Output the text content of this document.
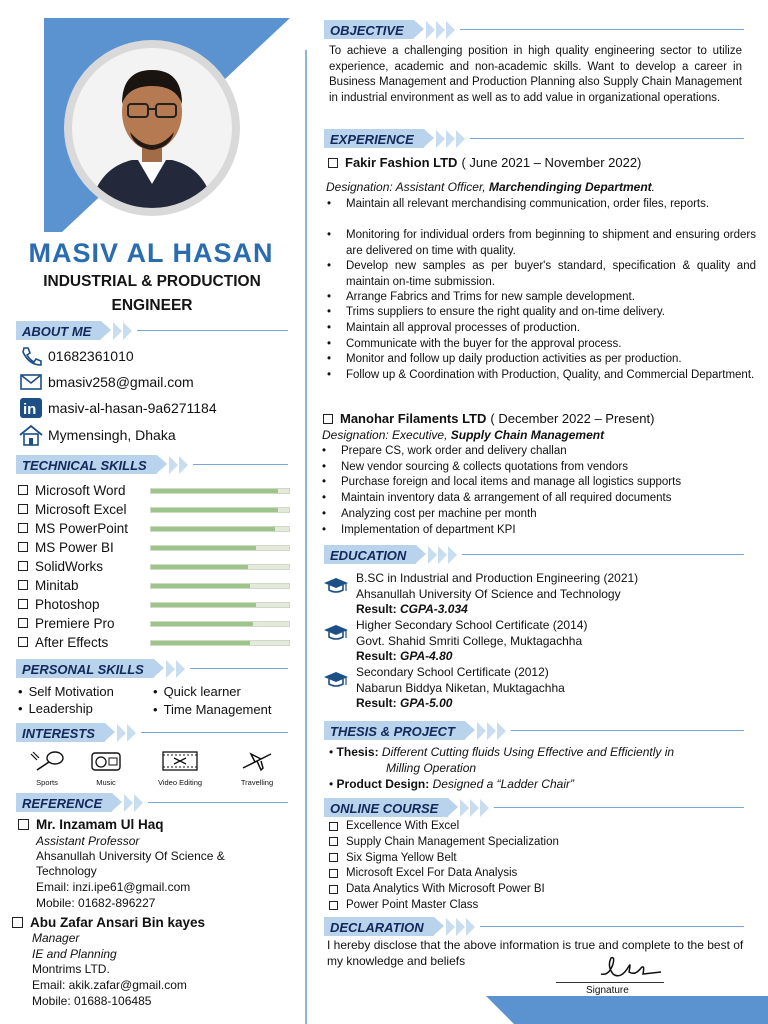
MASIV AL HASAN
INDUSTRIAL & PRODUCTION ENGINEER
ABOUT ME
01682361010
bmasiv258@gmail.com
in masiv-al-hasan-9a6271184
Mymensingh, Dhaka
TECHNICAL SKILLS
Microsoft Word
Microsoft Excel
MS PowerPoint
MS Power BI
SolidWorks
Minitab
Photoshop
Premiere Pro
After Effects
PERSONAL SKILLS
• Self Motivation	• Quick learner
• Leadership	• Time Management
INTERESTS
Sports	Music	Video Editing	Travelling
REFERENCE
Mr. Inzamam Ul Haq
Assistant Professor
Ahsanullah University Of Science &
Technology
Email: inzi.ipe61@gmail.com
Mobile: 01682-896227
Abu Zafar Ansari Bin kayes
Manager
IE and Planning
Montrims LTD.
Email: akik.zafar@gmail.com
Mobile: 01688-106485
OBJECTIVE
To achieve a challenging position in high quality engineering sector to utilize experience, academic and non-academic skills. Want to develop a career in Business Management and Production Planning also Supply Chain Management in industrial environment as well as to add value in organizational operations.
EXPERIENCE
Fakir Fashion LTD ( June 2021 – November 2022)
Designation: Assistant Officer, Marchendinging Department.
• Maintain all relevant merchandising communication, order files, reports.
• Monitoring for individual orders from beginning to shipment and ensuring orders are delivered on time with quality.
• Develop new samples as per buyer's standard, specification & quality and maintain on-time submission.
• Arrange Fabrics and Trims for new sample development.
• Trims suppliers to ensure the right quality and on-time delivery.
• Maintain all approval processes of production.
• Communicate with the buyer for the approval process.
• Monitor and follow up daily production activities as per production.
• Follow up & Coordination with Production, Quality, and Commercial Department.
Manohar Filaments LTD ( December 2022 – Present)
Designation: Executive, Supply Chain Management
• Prepare CS, work order and delivery challan
• New vendor sourcing & collects quotations from vendors
• Purchase foreign and local items and manage all logistics supports
• Maintain inventory data & arrangement of all required documents
• Analyzing cost per machine per month
• Implementation of department KPI
EDUCATION
B.SC in Industrial and Production Engineering (2021)
Ahsanullah University Of Science and Technology
Result: CGPA-3.034
Higher Secondary School Certificate (2014)
Govt. Shahid Smriti College, Muktagachha
Result: GPA-4.80
Secondary School Certificate (2012)
Nabarun Biddya Niketan, Muktagachha
Result: GPA-5.00
THESIS & PROJECT
• Thesis: Different Cutting fluids Using Effective and Efficiently in
Milling Operation
• Product Design: Designed a “Ladder Chair”
ONLINE COURSE
Excellence With Excel
Supply Chain Management Specialization
Six Sigma Yellow Belt
Microsoft Excel For Data Analysis
Data Analytics With Microsoft Power BI
Power Point Master Class
DECLARATION
I hereby disclose that the above information is true and complete to the best of my knowledge and beliefs
Signature
